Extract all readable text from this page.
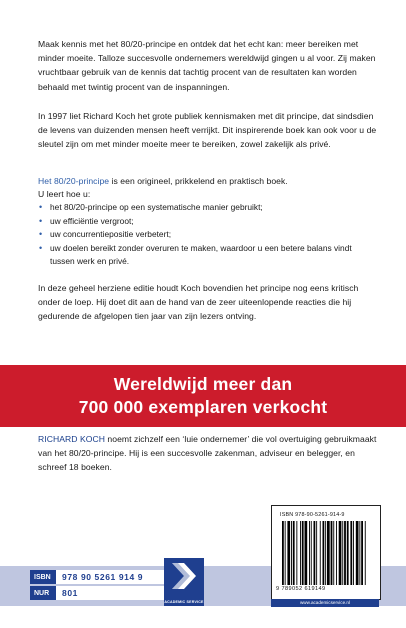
Maak kennis met het 80/20-principe en ontdek dat het echt kan: meer bereiken met minder moeite. Talloze succesvolle ondernemers wereldwijd gingen u al voor. Zij maken vruchtbaar gebruik van de kennis dat tachtig procent van de resultaten kan worden behaald met twintig procent van de inspanningen.

In 1997 liet Richard Koch het grote publiek kennismaken met dit principe, dat sindsdien de levens van duizenden mensen heeft verrijkt. Dit inspirerende boek kan ook voor u de sleutel zijn om met minder moeite meer te bereiken, zowel zakelijk als privé.

Het 80/20-principe is een origineel, prikkelend en praktisch boek.

U leert hoe u:

• het 80/20-principe op een systematische manier gebruikt;
• uw efficiëntie vergroot;
• uw concurrentiepositie verbetert;
• uw doelen bereikt zonder overuren te maken, waardoor u een betere balans vindt tussen werk en privé.

In deze geheel herziene editie houdt Koch bovendien het principe nog eens kritisch onder de loep. Hij doet dit aan de hand van de zeer uiteenlopende reacties die hij gedurende de afgelopen tien jaar van zijn lezers ontving.

Wereldwijd meer dan
700 000 exemplaren verkocht

RICHARD KOCH noemt zichzelf een ‘luie ondernemer’ die vol overtuiging gebruikmaakt van het 80/20-principe. Hij is een succesvolle zakenman, adviseur en belegger, en schreef 18 boeken.

ISBN	978 90 5261 914 9

NUR	801
ACADEMIC SERVICE
ISBN 978-90-5261-914-9
9 789052 619149
www.academicservice.nl
